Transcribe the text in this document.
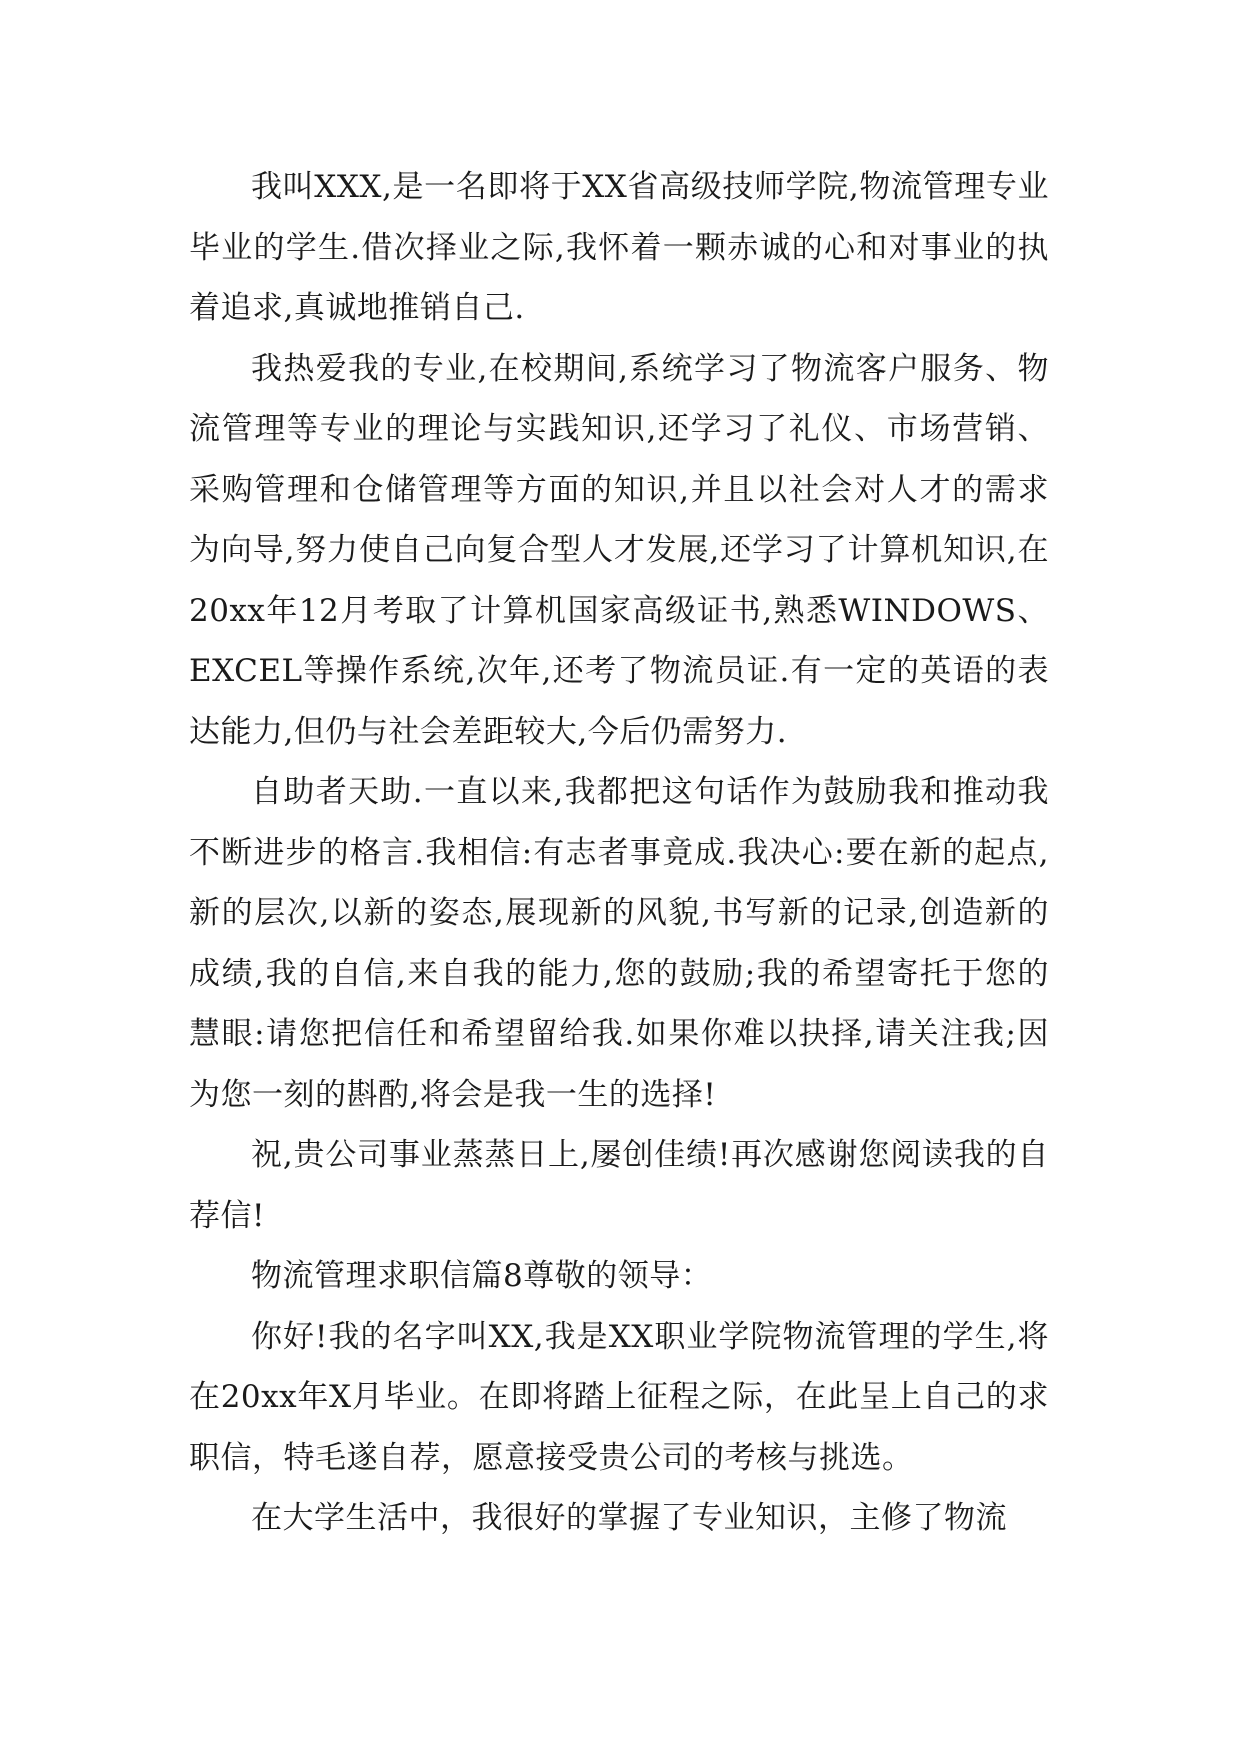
我叫XXX,是一名即将于XX省高级技师学院,物流管理专业毕业的学生.借次择业之际,我怀着一颗赤诚的心和对事业的执着追求,真诚地推销自己.

我热爱我的专业,在校期间,系统学习了物流客户服务、物流管理等专业的理论与实践知识,还学习了礼仪、市场营销、采购管理和仓储管理等方面的知识,并且以社会对人才的需求为向导,努力使自己向复合型人才发展,还学习了计算机知识,在20xx年12月考取了计算机国家高级证书,熟悉WINDOWS、EXCEL等操作系统,次年,还考了物流员证.有一定的英语的表达能力,但仍与社会差距较大,今后仍需努力.

自助者天助.一直以来,我都把这句话作为鼓励我和推动我不断进步的格言.我相信:有志者事竟成.我决心:要在新的起点,新的层次,以新的姿态,展现新的风貌,书写新的记录,创造新的成绩,我的自信,来自我的能力,您的鼓励;我的希望寄托于您的慧眼:请您把信任和希望留给我.如果你难以抉择,请关注我;因为您一刻的斟酌,将会是我一生的选择!

祝,贵公司事业蒸蒸日上,屡创佳绩!再次感谢您阅读我的自荐信!

物流管理求职信篇8尊敬的领导：

你好!我的名字叫XX,我是XX职业学院物流管理的学生,将在20xx年X月毕业。在即将踏上征程之际，在此呈上自己的求职信，特毛遂自荐，愿意接受贵公司的考核与挑选。

在大学生活中，我很好的掌握了专业知识，主修了物流
